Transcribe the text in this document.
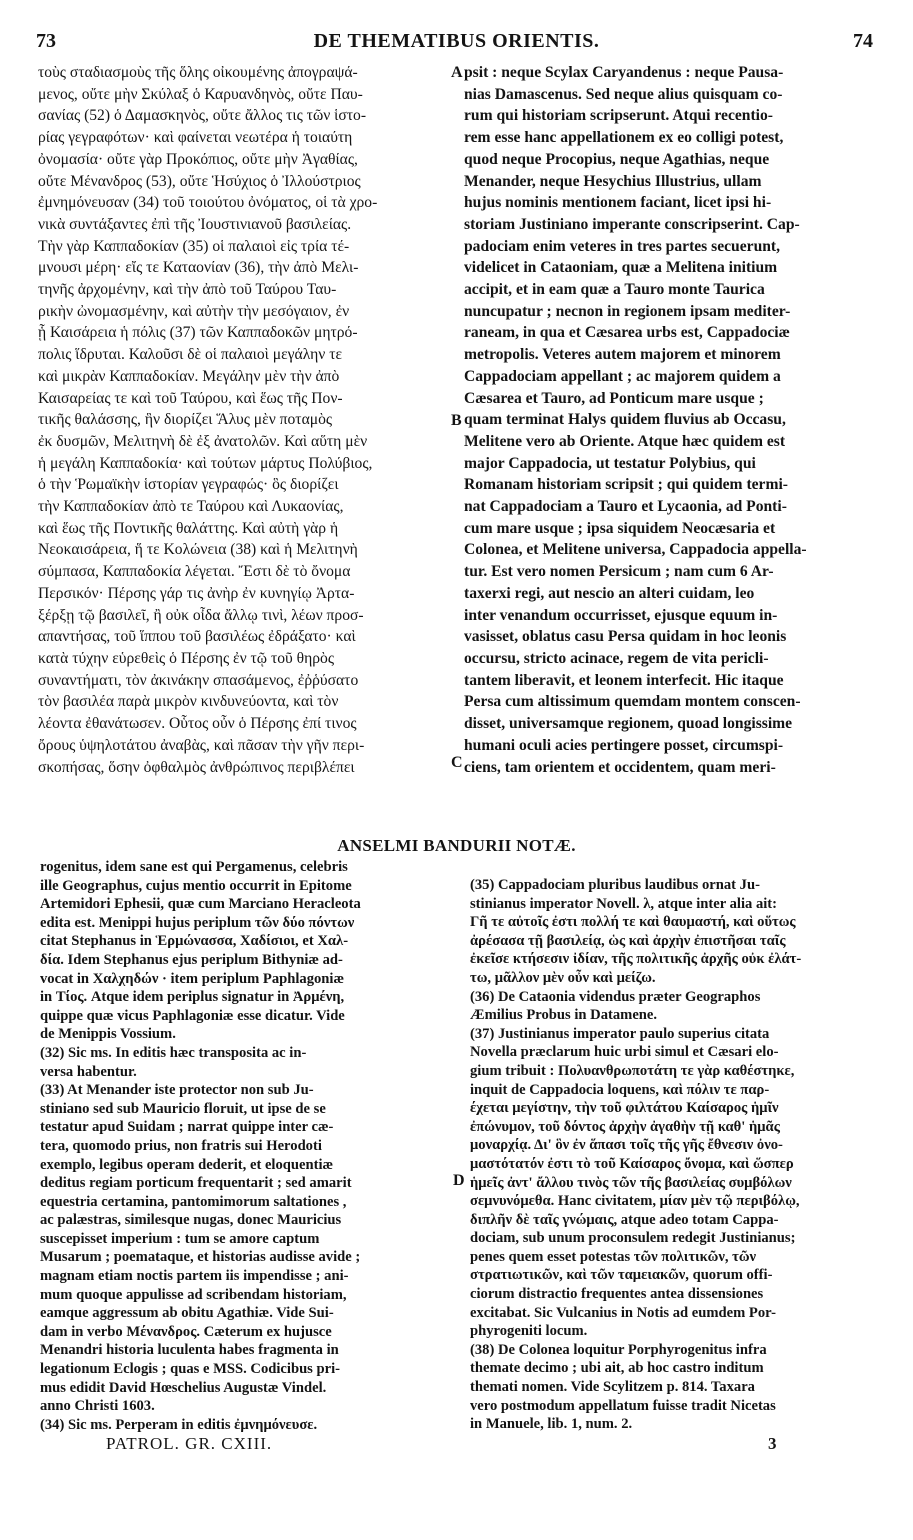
73	DE THEMATIBUS ORIENTIS.	74
τοὺς σταδιασμοὺς τῆς ὅλης οἰκουμένης ἀπογραψά-
μενος, οὔτε μὴν Σκύλαξ ὁ Καρυανδηνὸς, οὔτε Παυ-
σανίας (52) ὁ Δαμασκηνὸς, οὔτε ἄλλος τις τῶν ἱστο-
ρίας γεγραφότων· καὶ φαίνεται νεωτέρα ἡ τοιαύτη
ὀνομασία· οὔτε γὰρ Προκόπιος, οὔτε μὴν Ἀγαθίας,
οὔτε Μένανδρος (53), οὔτε Ἡσύχιος ὁ Ἰλλούστριος
ἐμνημόνευσαν (34) τοῦ τοιούτου ὀνόματος, οἱ τὰ χρο-
νικὰ συντάξαντες ἐπὶ τῆς Ἰουστινιανοῦ βασιλείας.
Τὴν γὰρ Καππαδοκίαν (35) οἱ παλαιοὶ εἰς τρία τέ-
μνουσι μέρη· εἴς τε Καταονίαν (36), τὴν ἀπὸ Μελι-
τηνῆς ἀρχομένην, καὶ τὴν ἀπὸ τοῦ Ταύρου Ταυ-
ρικὴν ὠνομασμένην, καὶ αὐτὴν τὴν μεσόγαιον, ἐν
ᾗ Καισάρεια ἡ πόλις (37) τῶν Καππαδοκῶν μητρό-
πολις ἵδρυται. Καλοῦσι δὲ οἱ παλαιοὶ μεγάλην τε
καὶ μικρὰν Καππαδοκίαν. Μεγάλην μὲν τὴν ἀπὸ
Καισαρείας τε καὶ τοῦ Ταύρου, καὶ ἕως τῆς Πον-
τικῆς θαλάσσης, ἣν διορίζει Ἅλυς μὲν ποταμὸς
ἐκ δυσμῶν, Μελιτηνὴ δὲ ἐξ ἀνατολῶν. Καὶ αὕτη μὲν
ἡ μεγάλη Καππαδοκία· καὶ τούτων μάρτυς Πολύβιος,
ὁ τὴν Ῥωμαϊκὴν ἱστορίαν γεγραφώς· ὃς διορίζει
τὴν Καππαδοκίαν ἀπὸ τε Ταύρου καὶ Λυκαονίας,
καὶ ἕως τῆς Ποντικῆς θαλάττης. Καὶ αὐτὴ γὰρ ἡ
Νεοκαισάρεια, ἥ τε Κολώνεια (38) καὶ ἡ Μελιτηνὴ
σύμπασα, Καππαδοκία λέγεται. Ἔστι δὲ τὸ ὄνομα
Περσικόν· Πέρσης γάρ τις ἀνὴρ ἐν κυνηγίῳ Ἀρτα-
ξέρξῃ τῷ βασιλεῖ, ἢ οὐκ οἶδα ἄλλῳ τινὶ, λέων προσ-
απαντήσας, τοῦ ἵππου τοῦ βασιλέως ἐδράξατο· καὶ
κατὰ τύχην εὑρεθεὶς ὁ Πέρσης ἐν τῷ τοῦ θηρὸς
συναντήματι, τὸν ἀκινάκην σπασάμενος, ἐῤῥύσατο
τὸν βασιλέα παρὰ μικρὸν κινδυνεύοντα, καὶ τὸν
λέοντα ἐθανάτωσεν. Οὗτος οὖν ὁ Πέρσης ἐπί τινος
ὄρους ὑψηλοτάτου ἀναβὰς, καὶ πᾶσαν τὴν γῆν περι-
σκοπήσας, ὅσην ὀφθαλμὸς ἀνθρώπινος περιβλέπει
psit : neque Scylax Caryandenus : neque Pausa-
nias Damascenus. Sed neque alius quisquam co-
rum qui historiam scripserunt. Atqui recentio-
rem esse hanc appellationem ex eo colligi potest,
quod neque Procopius, neque Agathias, neque
Menander, neque Hesychius Illustrius, ullam
hujus nominis mentionem faciant, licet ipsi hi-
storiam Justiniano imperante conscripserint. Cap-
padociam enim veteres in tres partes secuerunt,
videlicet in Cataoniam, quæ a Melitena initium
accipit, et in eam quæ a Tauro monte Taurica
nuncupatur ; necnon in regionem ipsam mediter-
raneam, in qua et Cæsarea urbs est, Cappadociæ
metropolis. Veteres autem majorem et minorem
Cappadociam appellant ; ac majorem quidem a
Cæsarea et Tauro, ad Ponticum mare usque ;
quam terminat Halys quidem fluvius ab Occasu,
Melitene vero ab Oriente. Atque hæc quidem est
major Cappadocia, ut testatur Polybius, qui
Romanam historiam scripsit ; qui quidem termi-
nat Cappadociam a Tauro et Lycaonia, ad Ponti-
cum mare usque ; ipsa siquidem Neocæsaria et
Colonea, et Melitene universa, Cappadocia appella-
tur. Est vero nomen Persicum ; nam cum 6 Ar-
taxerxi regi, aut nescio an alteri cuidam, leo
inter venandum occurrisset, ejusque equum in-
vasisset, oblatus casu Persa quidam in hoc leonis
occursu, stricto acinace, regem de vita pericli-
tantem liberavit, et leonem interfecit. Hic itaque
Persa cum altissimum quemdam montem conscen-
disset, universamque regionem, quoad longissime
humani oculi acies pertingere posset, circumspi-
ciens, tam orientem et occidentem, quam meri-
A
B
C
D
ANSELMI BANDURII NOTÆ.
rogenitus, idem sane est qui Pergamenus, celebris
ille Geographus, cujus mentio occurrit in Epitome
Artemidori Ephesii, quæ cum Marciano Heracleota
edita est. Menippi hujus periplum τῶν δύο πόντων
citat Stephanus in Ἑρμώνασσα, Χαδίσιοι, et Χαλ-
δία. Idem Stephanus ejus periplum Bithyniæ ad-
vocat in Χαλχηδών · item periplum Paphlagoniæ
in Τίος. Atque idem periplus signatur in Ἀρμένη,
quippe quæ vicus Paphlagoniæ esse dicatur. Vide
de Menippis Vossium.
(32) Sic ms. In editis hæc transposita ac in-
versa habentur.
(33) At Menander iste protector non sub Ju-
stiniano sed sub Mauricio floruit, ut ipse de se
testatur apud Suidam ; narrat quippe inter cæ-
tera, quomodo prius, non fratris sui Herodoti
exemplo, legibus operam dederit, et eloquentiæ
deditus regiam porticum frequentarit ; sed amarit
equestria certamina, pantomimorum saltationes ,
ac palæstras, similesque nugas, donec Mauricius
suscepisset imperium : tum se amore captum
Musarum ; poemataque, et historias audisse avide ;
magnam etiam noctis partem iis impendisse ; ani-
mum quoque appulisse ad scribendam historiam,
eamque aggressum ab obitu Agathiæ. Vide Sui-
dam in verbo Μένανδρος. Cæterum ex hujusce
Menandri historia luculenta habes fragmenta in
legationum Eclogis ; quas e MSS. Codicibus pri-
mus edidit David Hœschelius Augustæ Vindel.
anno Christi 1603.
(34) Sic ms. Perperam in editis ἐμνημόνευσε.
(35) Cappadociam pluribus laudibus ornat Ju-
stinianus imperator Novell. λ, atque inter alia ait:
Γῆ τε αὐτοῖς ἐστι πολλή τε καὶ θαυμαστή, καὶ οὕτως
ἀρέσασα τῇ βασιλείᾳ, ὡς καὶ ἀρχὴν ἐπιστῆσαι ταῖς
ἐκεῖσε κτήσεσιν ἰδίαν, τῆς πολιτικῆς ἀρχῆς οὐκ ἐλάτ-
τω, μᾶλλον μὲν οὖν καὶ μείζω.
(36) De Cataonia videndus præter Geographos
Æmilius Probus in Datamene.
(37) Justinianus imperator paulo superius citata
Novella præclarum huic urbi simul et Cæsari elo-
gium tribuit : Πολυανθρωποτάτη τε γὰρ καθέστηκε,
inquit de Cappadocia loquens, καὶ πόλιν τε παρ-
έχεται μεγίστην, τὴν τοῦ φιλτάτου Καίσαρος ἡμῖν
ἐπώνυμον, τοῦ δόντος ἀρχὴν ἀγαθὴν τῇ καθ' ἡμᾶς
μοναρχίᾳ. Δι' ὃν ἐν ἅπασι τοῖς τῆς γῆς ἔθνεσιν ὀνο-
μαστότατόν ἐστι τὸ τοῦ Καίσαρος ὄνομα, καὶ ὥσπερ
ἡμεῖς ἀντ' ἄλλου τινὸς τῶν τῆς βασιλείας συμβόλων
σεμνυνόμεθα. Hanc civitatem, μίαν μὲν τῷ περιβόλῳ,
διπλῆν δὲ ταῖς γνώμαις, atque adeo totam Cappa-
dociam, sub unum proconsulem redegit Justinianus;
penes quem esset potestas τῶν πολιτικῶν, τῶν
στρατιωτικῶν, καὶ τῶν ταμειακῶν, quorum offi-
ciorum distractio frequentes antea dissensiones
excitabat. Sic Vulcanius in Notis ad eumdem Por-
phyrogeniti locum.
(38) De Colonea loquitur Porphyrogenitus infra
themate decimo ; ubi ait, ab hoc castro inditum
themati nomen. Vide Scylitzem p. 814. Taxara
vero postmodum appellatum fuisse tradit Nicetas
in Manuele, lib. 1, num. 2.
PATROL. GR. CXIII.	3
